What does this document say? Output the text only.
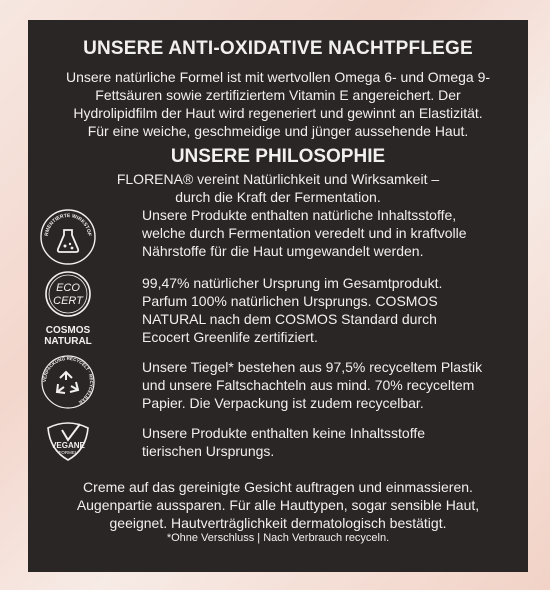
UNSERE ANTI-OXIDATIVE NACHTPFLEGE
Unsere natürliche Formel ist mit wertvollen Omega 6- und Omega 9-
Fettsäuren sowie zertifiziertem Vitamin E angereichert. Der
Hydrolipidfilm der Haut wird regeneriert und gewinnt an Elastizität.
Für eine weiche, geschmeidige und jünger aussehende Haut.
UNSERE PHILOSOPHIE
FLORENA® vereint Natürlichkeit und Wirksamkeit –
durch die Kraft der Fermentation.
RMENTIERTE WIRKSTOF
Unsere Produkte enthalten natürliche Inhaltsstoffe,
welche durch Fermentation veredelt und in kraftvolle
Nährstoffe für die Haut umgewandelt werden.
ECO
CERT
COSMOS
NATURAL
99,47% natürlicher Ursprung im Gesamtprodukt.
Parfum 100% natürlichen Ursprungs. COSMOS
NATURAL nach dem COSMOS Standard durch
Ecocert Greenlife zertifiziert.
VERPACKUNG RECYCELT · RECYCELBAR
Unsere Tiegel* bestehen aus 97,5% recyceltem Plastik
und unsere Faltschachteln aus mind. 70% recyceltem
Papier. Die Verpackung ist zudem recycelbar.
VEGANE
FORMEL
Unsere Produkte enthalten keine Inhaltsstoffe
tierischen Ursprungs.
Creme auf das gereinigte Gesicht auftragen und einmassieren.
Augenpartie aussparen. Für alle Hauttypen, sogar sensible Haut,
geeignet. Hautverträglichkeit dermatologisch bestätigt.
*Ohne Verschluss | Nach Verbrauch recyceln.
